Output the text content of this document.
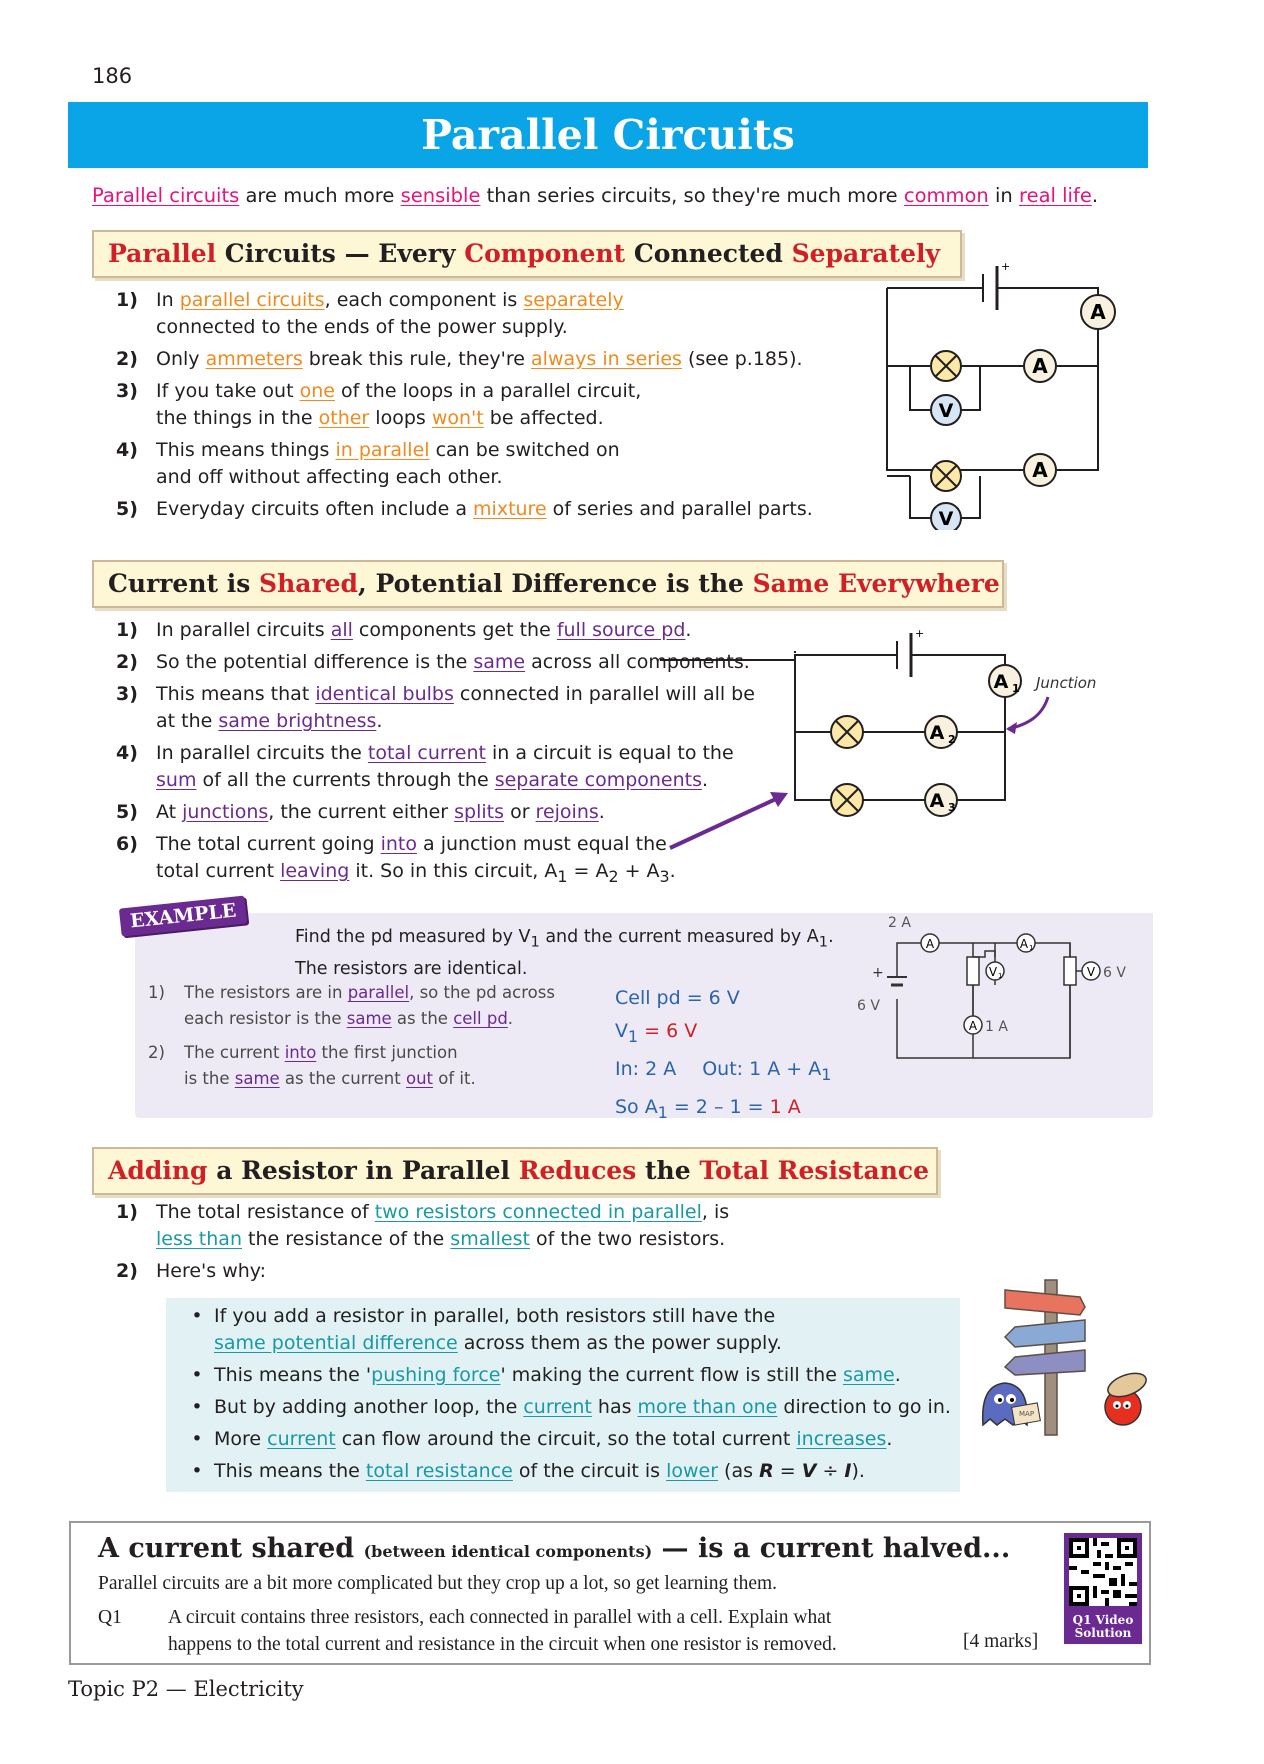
186
Parallel Circuits
Parallel circuits are much more sensible than series circuits, so they're much more common in real life.
Parallel Circuits — Every Component Connected Separately
1) In parallel circuits, each component is separately
connected to the ends of the power supply.
2) Only ammeters break this rule, they're always in series (see p.185).
3) If you take out one of the loops in a parallel circuit,
the things in the other loops won't be affected.
4) This means things in parallel can be switched on
and off without affecting each other.
5) Everyday circuits often include a mixture of series and parallel parts.
+
V
V
A
A
A
Current is Shared, Potential Difference is the Same Everywhere
1) In parallel circuits all components get the full source pd.
2) So the potential difference is the same across all components.
3) This means that identical bulbs connected in parallel will all be
at the same brightness.
4) In parallel circuits the total current in a circuit is equal to the
sum of all the currents through the separate components.
5) At junctions, the current either splits or rejoins.
6) The total current going into a junction must equal the
total current leaving it. So in this circuit, $A_1 = A_2 + A_3$.
+
A 1
A 2
A 3
Junction
EXAMPLE
Find the pd measured by $V_1$ and the current measured by $A_1$.
The resistors are identical.
1)	The resistors are in parallel, so the pd across
each resistor is the same as the cell pd.
2)	The current into the first junction
is the same as the current out of it.
Cell pd = 6 V
$V_1 = 6$ V
In: 2 A Out: 1 $A + A_1$
So $A_1 = 2 - 1 = 1$ A
2 A
+
6 V
A	A 1
V 1	V 6 V
A 1 A
Adding a Resistor in Parallel Reduces the Total Resistance
1) The total resistance of two resistors connected in parallel, is
less than the resistance of the smallest of the two resistors.
2) Here's why:
• If you add a resistor in parallel, both resistors still have the
same potential difference across them as the power supply.
• This means the 'pushing force' making the current flow is still the same.
• But by adding another loop, the current has more than one direction to go in.
• More current can flow around the circuit, so the total current increases.
• This means the total resistance of the circuit is lower (as R = V ÷ I).
MAP
A current shared (between identical components) — is a current halved...
Parallel circuits are a bit more complicated but they crop up a lot, so get learning them.
Q1	A circuit contains three resistors, each connected in parallel with a cell. Explain what
happens to the total current and resistance in the circuit when one resistor is removed.	[4 marks]
Q1 Video
Solution
Topic P2 — Electricity
